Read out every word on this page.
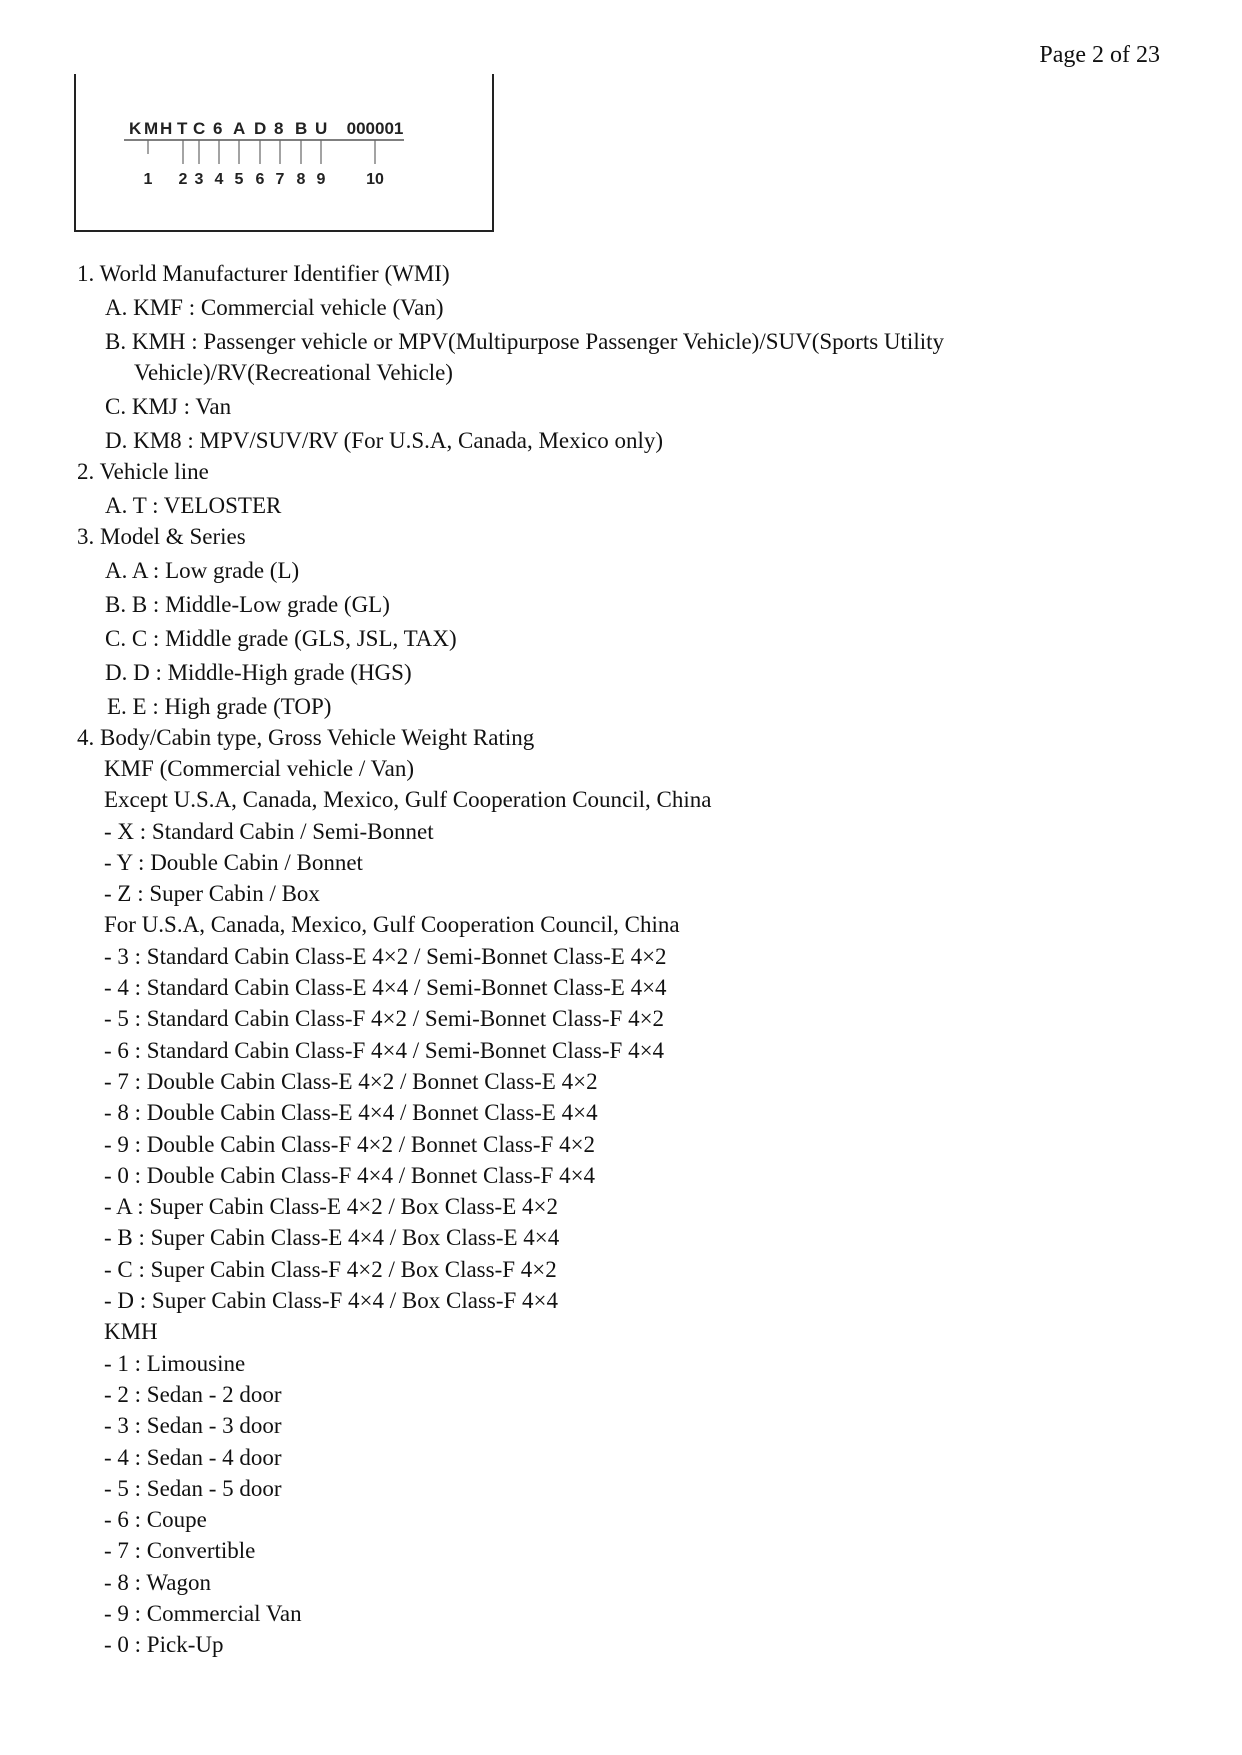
Page 2 of 23
K M H T C 6 A D 8 B U 000001
1 2 3 4 5 6 7 8 9	10
1. World Manufacturer Identifier (WMI)
A. KMF : Commercial vehicle (Van)
B. KMH : Passenger vehicle or MPV(Multipurpose Passenger Vehicle)/SUV(Sports Utility
Vehicle)/RV(Recreational Vehicle)
C. KMJ : Van
D. KM8 : MPV/SUV/RV (For U.S.A, Canada, Mexico only)
2. Vehicle line
A. T : VELOSTER
3. Model & Series
A. A : Low grade (L)
B. B : Middle-Low grade (GL)
C. C : Middle grade (GLS, JSL, TAX)
D. D : Middle-High grade (HGS)
E. E : High grade (TOP)
4. Body/Cabin type, Gross Vehicle Weight Rating
KMF (Commercial vehicle / Van)
Except U.S.A, Canada, Mexico, Gulf Cooperation Council, China
- X : Standard Cabin / Semi-Bonnet
- Y : Double Cabin / Bonnet
- Z : Super Cabin / Box
For U.S.A, Canada, Mexico, Gulf Cooperation Council, China
- 3 : Standard Cabin Class-E 4×2 / Semi-Bonnet Class-E 4×2
- 4 : Standard Cabin Class-E 4×4 / Semi-Bonnet Class-E 4×4
- 5 : Standard Cabin Class-F 4×2 / Semi-Bonnet Class-F 4×2
- 6 : Standard Cabin Class-F 4×4 / Semi-Bonnet Class-F 4×4
- 7 : Double Cabin Class-E 4×2 / Bonnet Class-E 4×2
- 8 : Double Cabin Class-E 4×4 / Bonnet Class-E 4×4
- 9 : Double Cabin Class-F 4×2 / Bonnet Class-F 4×2
- 0 : Double Cabin Class-F 4×4 / Bonnet Class-F 4×4
- A : Super Cabin Class-E 4×2 / Box Class-E 4×2
- B : Super Cabin Class-E 4×4 / Box Class-E 4×4
- C : Super Cabin Class-F 4×2 / Box Class-F 4×2
- D : Super Cabin Class-F 4×4 / Box Class-F 4×4
KMH
- 1 : Limousine
- 2 : Sedan - 2 door
- 3 : Sedan - 3 door
- 4 : Sedan - 4 door
- 5 : Sedan - 5 door
- 6 : Coupe
- 7 : Convertible
- 8 : Wagon
- 9 : Commercial Van
- 0 : Pick-Up
